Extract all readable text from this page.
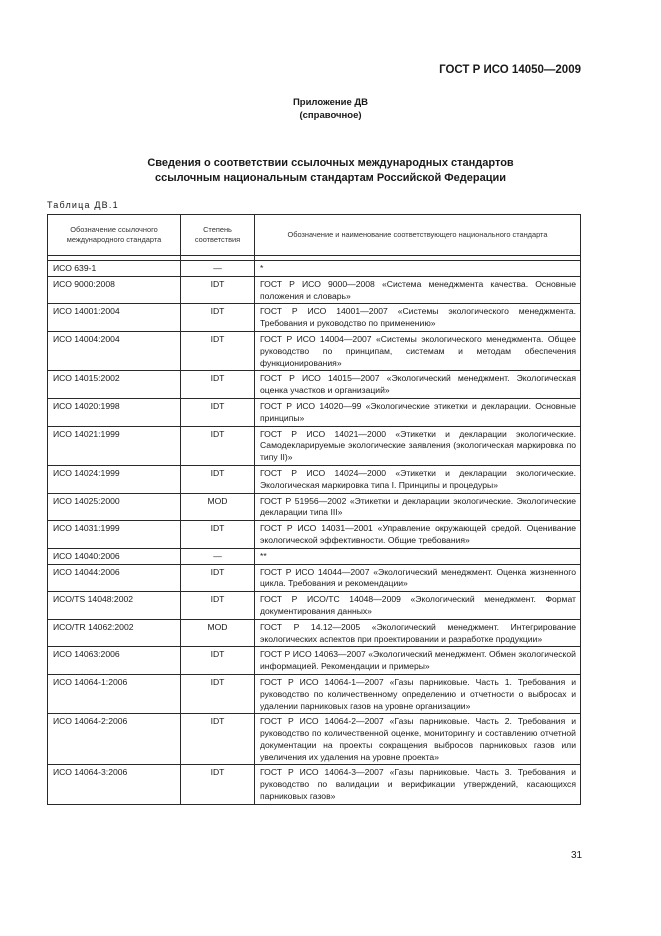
ГОСТ Р ИСО 14050—2009
Приложение ДВ
(справочное)
Сведения о соответствии ссылочных международных стандартов
ссылочным национальным стандартам Российской Федерации
Таблица ДВ.1
Обозначение ссылочного международного стандарта	Степень соответствия	Обозначение и наименование соответствующего национального стандарта

ИСО 639-1	—	*
ИСО 9000:2008	IDT	ГОСТ Р ИСО 9000—2008 «Система менеджмента качества. Основные положения и словарь»
ИСО 14001:2004	IDT	ГОСТ Р ИСО 14001—2007 «Системы экологического менеджмента. Требования и руководство по применению»
ИСО 14004:2004	IDT	ГОСТ Р ИСО 14004—2007 «Системы экологического менеджмента. Общее руководство по принципам, системам и методам обеспечения функционирования»
ИСО 14015:2002	IDT	ГОСТ Р ИСО 14015—2007 «Экологический менеджмент. Экологическая оценка участков и организаций»
ИСО 14020:1998	IDT	ГОСТ Р ИСО 14020—99 «Экологические этикетки и декларации. Основные принципы»
ИСО 14021:1999	IDT	ГОСТ Р ИСО 14021—2000 «Этикетки и декларации экологические. Самодекларируемые экологические заявления (экологическая маркировка по типу II)»
ИСО 14024:1999	IDT	ГОСТ Р ИСО 14024—2000 «Этикетки и декларации экологические. Экологическая маркировка типа I. Принципы и процедуры»
ИСО 14025:2000	MOD	ГОСТ Р 51956—2002 «Этикетки и декларации экологические. Экологические декларации типа III»
ИСО 14031:1999	IDT	ГОСТ Р ИСО 14031—2001 «Управление окружающей средой. Оценивание экологической эффективности. Общие требования»
ИСО 14040:2006	—	**
ИСО 14044:2006	IDT	ГОСТ Р ИСО 14044—2007 «Экологический менеджмент. Оценка жизненного цикла. Требования и рекомендации»
ИСО/TS 14048:2002	IDT	ГОСТ Р ИСО/ТС 14048—2009 «Экологический менеджмент. Формат документирования данных»
ИСО/TR 14062:2002	MOD	ГОСТ Р 14.12—2005 «Экологический менеджмент. Интегрирование экологических аспектов при проектировании и разработке продукции»
ИСО 14063:2006	IDT	ГОСТ Р ИСО 14063—2007 «Экологический менеджмент. Обмен экологической информацией. Рекомендации и примеры»
ИСО 14064-1:2006	IDT	ГОСТ Р ИСО 14064-1—2007 «Газы парниковые. Часть 1. Требования и руководство по количественному определению и отчетности о выбросах и удалении парниковых газов на уровне организации»
ИСО 14064-2:2006	IDT	ГОСТ Р ИСО 14064-2—2007 «Газы парниковые. Часть 2. Требования и руководство по количественной оценке, мониторингу и составлению отчетной документации на проекты сокращения выбросов парниковых газов или увеличения их удаления на уровне проекта»
ИСО 14064-3:2006	IDT	ГОСТ Р ИСО 14064-3—2007 «Газы парниковые. Часть 3. Требования и руководство по валидации и верификации утверждений, касающихся парниковых газов»
31
